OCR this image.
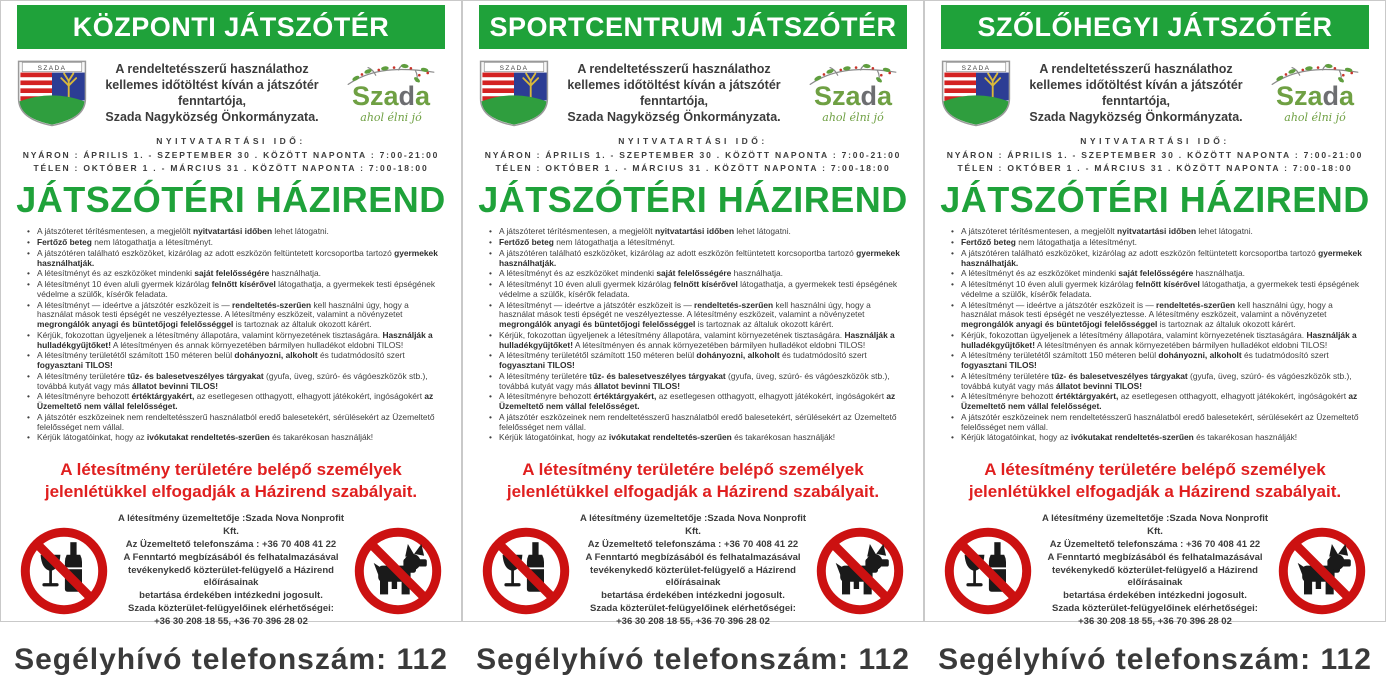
KÖZPONTI JÁTSZÓTÉR
A rendeltetésszerű használathoz
kellemes időtöltést kíván a játszótér fenntartója,
Szada Nagyközség Önkormányzata.
Szada
ahol élni jó
NYITVATARTÁSI IDŐ:
NYÁRON : ÁPRILIS 1. - SZEPTEMBER 30 . KÖZÖTT NAPONTA : 7:00-21:00
TÉLEN : OKTÓBER 1 . - MÁRCIUS 31 . KÖZÖTT NAPONTA : 7:00-18:00
JÁTSZÓTÉRI HÁZIREND
• A játszóteret térítésmentesen, a megjelölt nyitvatartási időben lehet látogatni.
• Fertőző beteg nem látogathatja a létesítményt.
• A játszótéren található eszközöket, kizárólag az adott eszközön feltüntetett korcsoportba tartozó gyermekek használhatják.
• A létesítményt és az eszközöket mindenki saját felelősségére használhatja.
• A létesítményt 10 éven aluli gyermek kizárólag felnőtt kísérővel látogathatja, a gyermekek testi épségének védelme a szülők, kísérők feladata.
• A létesítményt — ideértve a játszótér eszközeit is — rendeltetés-szerűen kell használni úgy, hogy a használat mások testi épségét ne veszélyeztesse. A létesítmény eszközeit, valamint a növényzetet megrongálók anyagi és büntetőjogi felelősséggel is tartoznak az általuk okozott kárért.
• Kérjük, fokozottan ügyeljenek a létesítmény állapotára, valamint környezetének tisztaságára. Használják a hulladékgyűjtőket! A létesítményen és annak környezetében bármilyen hulladékot eldobni TILOS!
• A létesítmény területétől számított 150 méteren belül dohányozni, alkoholt és tudatmódosító szert fogyasztani TILOS!
• A létesítmény területére tűz- és balesetveszélyes tárgyakat (gyufa, üveg, szúró- és vágóeszközök stb.), továbbá kutyát vagy más állatot bevinni TILOS!
• A létesítményre behozott értéktárgyakért, az esetlegesen otthagyott, elhagyott játékokért, ingóságokért az Üzemeltető nem vállal felelősséget.
• A játszótér eszközeinek nem rendeltetésszerű használatból eredő balesetekért, sérülésekért az Üzemeltető felelősséget nem vállal.
• Kérjük látogatóinkat, hogy az ivókutakat rendeltetés-szerűen és takarékosan használják!
A létesítmény területére belépő személyek jelenlétükkel elfogadják a Házirend szabályait.
A létesítmény üzemeltetője :Szada Nova Nonprofit Kft.
Az Üzemeltető telefonszáma : +36 70 408 41 22
A Fenntartó megbízásából és felhatalmazásával
tevékenykedő közterület-felügyelő a Házirend előírásainak
betartása érdekében intézkedni jogosult.
Szada közterület-felügyelőinek elérhetőségei:
+36 30 208 18 55, +36 70 396 28 02
Segélyhívó telefonszám: 112
SPORTCENTRUM JÁTSZÓTÉR
A rendeltetésszerű használathoz
kellemes időtöltést kíván a játszótér fenntartója,
Szada Nagyközség Önkormányzata.
Szada
ahol élni jó
NYITVATARTÁSI IDŐ:
NYÁRON : ÁPRILIS 1. - SZEPTEMBER 30 . KÖZÖTT NAPONTA : 7:00-21:00
TÉLEN : OKTÓBER 1 . - MÁRCIUS 31 . KÖZÖTT NAPONTA : 7:00-18:00
JÁTSZÓTÉRI HÁZIREND
• A játszóteret térítésmentesen, a megjelölt nyitvatartási időben lehet látogatni.
• Fertőző beteg nem látogathatja a létesítményt.
• A játszótéren található eszközöket, kizárólag az adott eszközön feltüntetett korcsoportba tartozó gyermekek használhatják.
• A létesítményt és az eszközöket mindenki saját felelősségére használhatja.
• A létesítményt 10 éven aluli gyermek kizárólag felnőtt kísérővel látogathatja, a gyermekek testi épségének védelme a szülők, kísérők feladata.
• A létesítményt — ideértve a játszótér eszközeit is — rendeltetés-szerűen kell használni úgy, hogy a használat mások testi épségét ne veszélyeztesse. A létesítmény eszközeit, valamint a növényzetet megrongálók anyagi és büntetőjogi felelősséggel is tartoznak az általuk okozott kárért.
• Kérjük, fokozottan ügyeljenek a létesítmény állapotára, valamint környezetének tisztaságára. Használják a hulladékgyűjtőket! A létesítményen és annak környezetében bármilyen hulladékot eldobni TILOS!
• A létesítmény területétől számított 150 méteren belül dohányozni, alkoholt és tudatmódosító szert fogyasztani TILOS!
• A létesítmény területére tűz- és balesetveszélyes tárgyakat (gyufa, üveg, szúró- és vágóeszközök stb.), továbbá kutyát vagy más állatot bevinni TILOS!
• A létesítményre behozott értéktárgyakért, az esetlegesen otthagyott, elhagyott játékokért, ingóságokért az Üzemeltető nem vállal felelősséget.
• A játszótér eszközeinek nem rendeltetésszerű használatból eredő balesetekért, sérülésekért az Üzemeltető felelősséget nem vállal.
• Kérjük látogatóinkat, hogy az ivókutakat rendeltetés-szerűen és takarékosan használják!
A létesítmény területére belépő személyek jelenlétükkel elfogadják a Házirend szabályait.
A létesítmény üzemeltetője :Szada Nova Nonprofit Kft.
Az Üzemeltető telefonszáma : +36 70 408 41 22
A Fenntartó megbízásából és felhatalmazásával
tevékenykedő közterület-felügyelő a Házirend előírásainak
betartása érdekében intézkedni jogosult.
Szada közterület-felügyelőinek elérhetőségei:
+36 30 208 18 55, +36 70 396 28 02
Segélyhívó telefonszám: 112
SZŐLŐHEGYI JÁTSZÓTÉR
A rendeltetésszerű használathoz
kellemes időtöltést kíván a játszótér fenntartója,
Szada Nagyközség Önkormányzata.
Szada
ahol élni jó
NYITVATARTÁSI IDŐ:
NYÁRON : ÁPRILIS 1. - SZEPTEMBER 30 . KÖZÖTT NAPONTA : 7:00-21:00
TÉLEN : OKTÓBER 1 . - MÁRCIUS 31 . KÖZÖTT NAPONTA : 7:00-18:00
JÁTSZÓTÉRI HÁZIREND
• A játszóteret térítésmentesen, a megjelölt nyitvatartási időben lehet látogatni.
• Fertőző beteg nem látogathatja a létesítményt.
• A játszótéren található eszközöket, kizárólag az adott eszközön feltüntetett korcsoportba tartozó gyermekek használhatják.
• A létesítményt és az eszközöket mindenki saját felelősségére használhatja.
• A létesítményt 10 éven aluli gyermek kizárólag felnőtt kísérővel látogathatja, a gyermekek testi épségének védelme a szülők, kísérők feladata.
• A létesítményt — ideértve a játszótér eszközeit is — rendeltetés-szerűen kell használni úgy, hogy a használat mások testi épségét ne veszélyeztesse. A létesítmény eszközeit, valamint a növényzetet megrongálók anyagi és büntetőjogi felelősséggel is tartoznak az általuk okozott kárért.
• Kérjük, fokozottan ügyeljenek a létesítmény állapotára, valamint környezetének tisztaságára. Használják a hulladékgyűjtőket! A létesítményen és annak környezetében bármilyen hulladékot eldobni TILOS!
• A létesítmény területétől számított 150 méteren belül dohányozni, alkoholt és tudatmódosító szert fogyasztani TILOS!
• A létesítmény területére tűz- és balesetveszélyes tárgyakat (gyufa, üveg, szúró- és vágóeszközök stb.), továbbá kutyát vagy más állatot bevinni TILOS!
• A létesítményre behozott értéktárgyakért, az esetlegesen otthagyott, elhagyott játékokért, ingóságokért az Üzemeltető nem vállal felelősséget.
• A játszótér eszközeinek nem rendeltetésszerű használatból eredő balesetekért, sérülésekért az Üzemeltető felelősséget nem vállal.
• Kérjük látogatóinkat, hogy az ivókutakat rendeltetés-szerűen és takarékosan használják!
A létesítmény területére belépő személyek jelenlétükkel elfogadják a Házirend szabályait.
A létesítmény üzemeltetője :Szada Nova Nonprofit Kft.
Az Üzemeltető telefonszáma : +36 70 408 41 22
A Fenntartó megbízásából és felhatalmazásával
tevékenykedő közterület-felügyelő a Házirend előírásainak
betartása érdekében intézkedni jogosult.
Szada közterület-felügyelőinek elérhetőségei:
+36 30 208 18 55, +36 70 396 28 02
Segélyhívó telefonszám: 112
